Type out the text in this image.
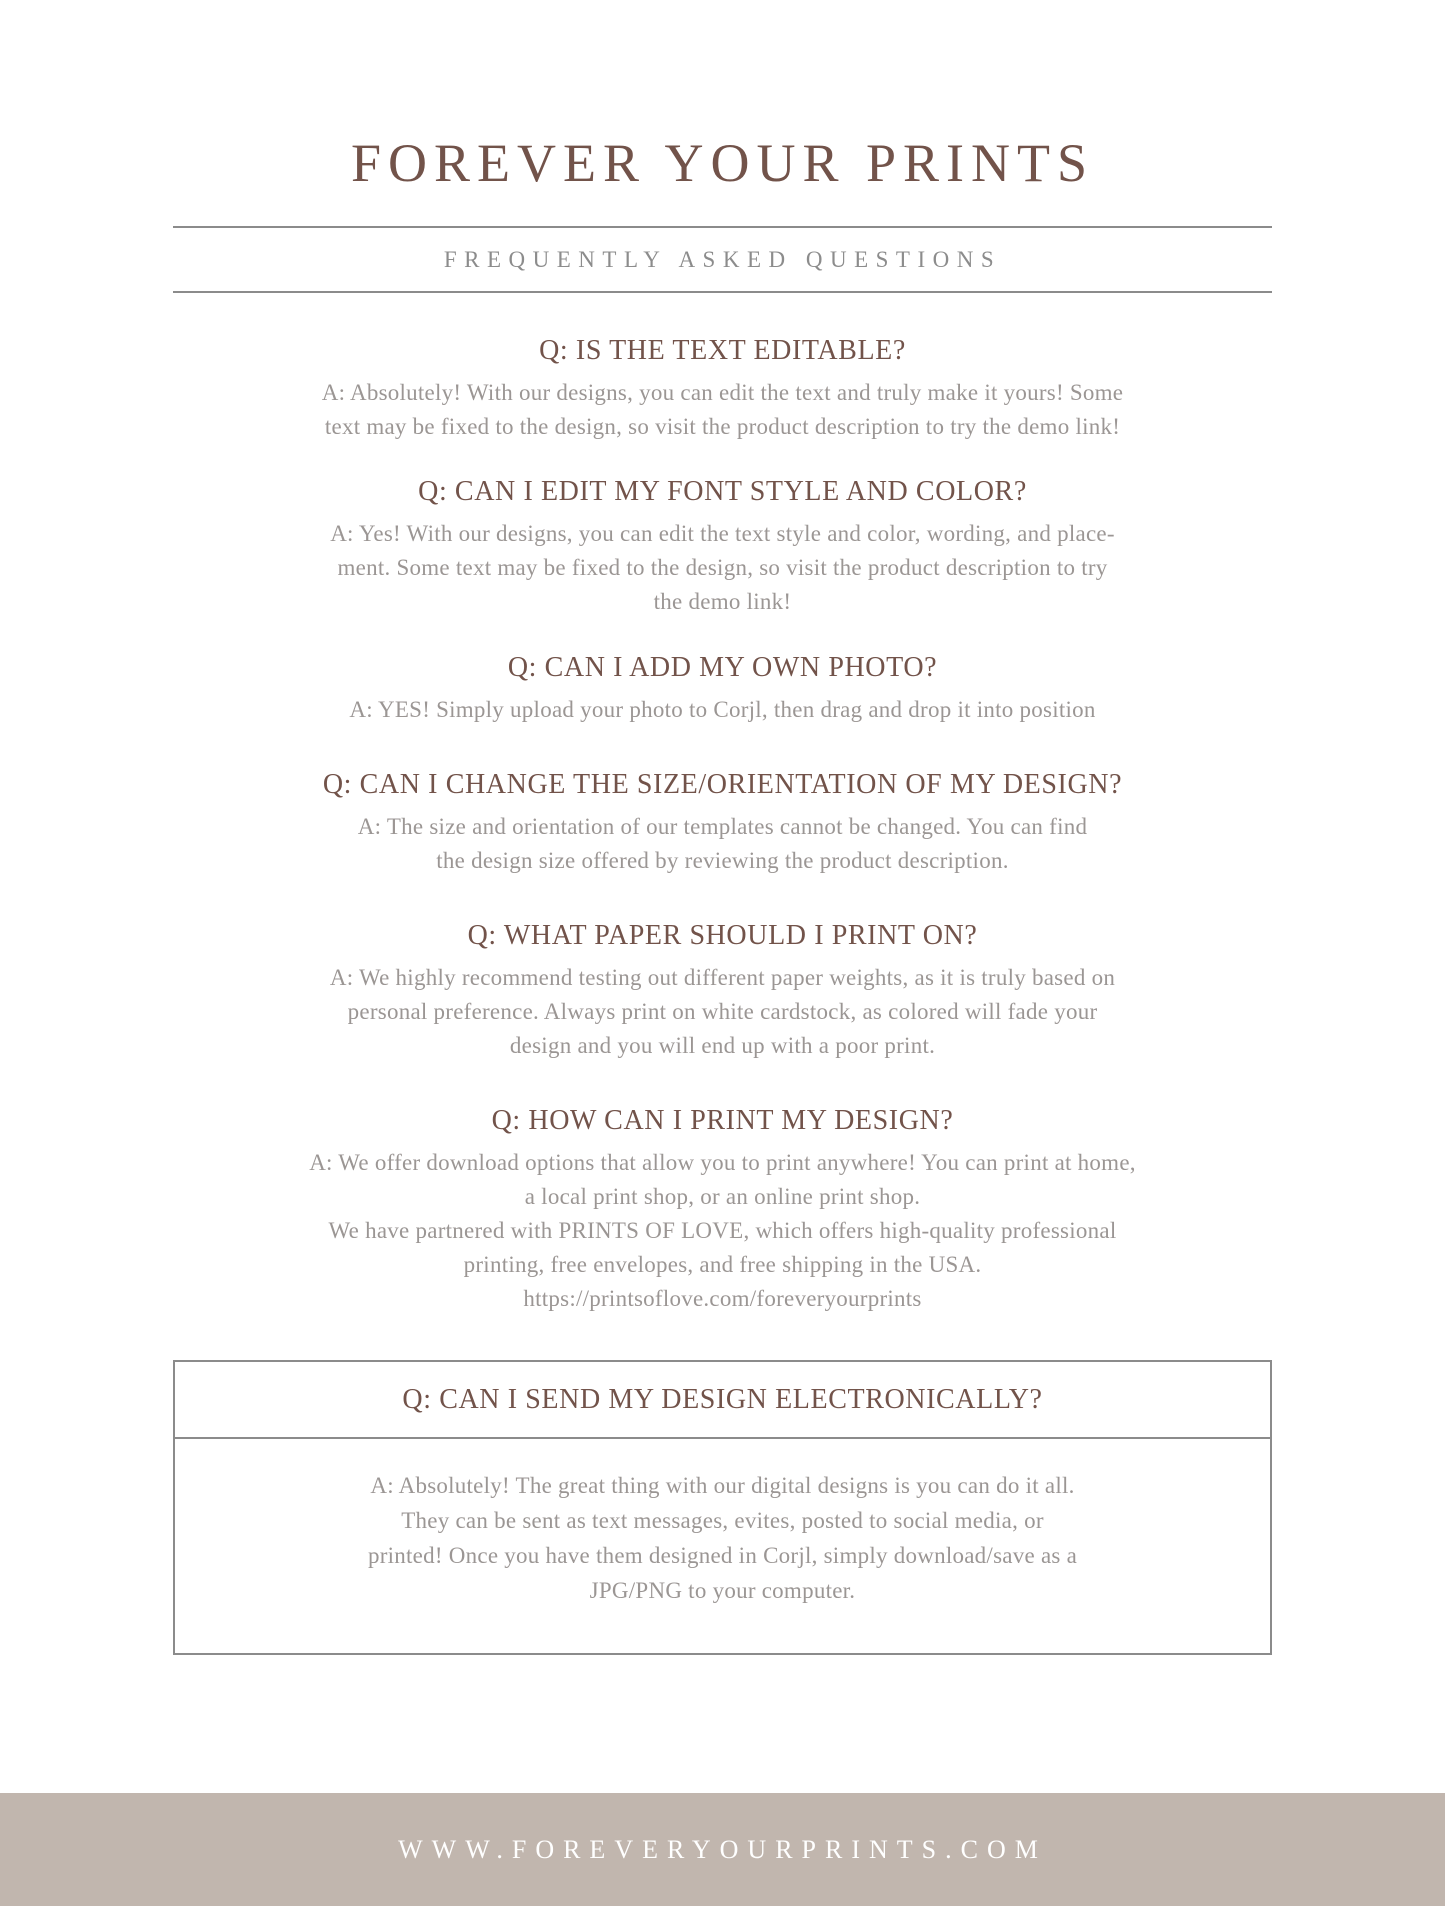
FOREVER YOUR PRINTS
FREQUENTLY ASKED QUESTIONS
Q: IS THE TEXT EDITABLE?
A: Absolutely! With our designs, you can edit the text and truly make it yours! Some
text may be fixed to the design, so visit the product description to try the demo link!
Q: CAN I EDIT MY FONT STYLE AND COLOR?
A: Yes! With our designs, you can edit the text style and color, wording, and place-
ment. Some text may be fixed to the design, so visit the product description to try
the demo link!
Q: CAN I ADD MY OWN PHOTO?
A: YES! Simply upload your photo to Corjl, then drag and drop it into position
Q: CAN I CHANGE THE SIZE/ORIENTATION OF MY DESIGN?
A: The size and orientation of our templates cannot be changed. You can find
the design size offered by reviewing the product description.
Q: WHAT PAPER SHOULD I PRINT ON?
A: We highly recommend testing out different paper weights, as it is truly based on
personal preference. Always print on white cardstock, as colored will fade your
design and you will end up with a poor print.
Q: HOW CAN I PRINT MY DESIGN?
A: We offer download options that allow you to print anywhere! You can print at home,
a local print shop, or an online print shop.
We have partnered with PRINTS OF LOVE, which offers high-quality professional
printing, free envelopes, and free shipping in the USA.
https://printsoflove.com/foreveryourprints
Q: CAN I SEND MY DESIGN ELECTRONICALLY?
A: Absolutely! The great thing with our digital designs is you can do it all.
They can be sent as text messages, evites, posted to social media, or
printed! Once you have them designed in Corjl, simply download/save as a
JPG/PNG to your computer.
WWW.FOREVERYOURPRINTS.COM
